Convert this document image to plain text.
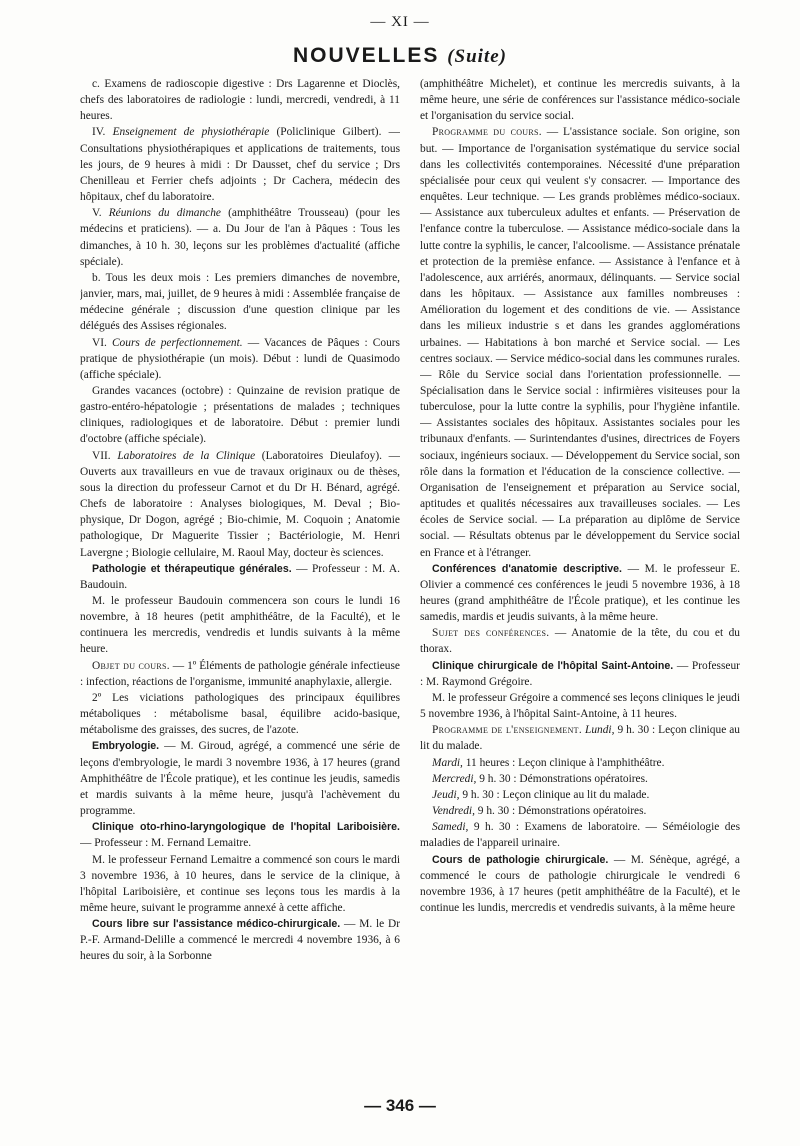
— XI —
NOUVELLES (Suite)

c. Examens de radioscopie digestive : Drs Lagarenne et Dioclès, chefs des laboratoires de radiologie : lundi, mercredi, vendredi, à 11 heures.

IV. Enseignement de physiothérapie (Policlinique Gilbert). — Consultations physiothérapiques et applications de traitements, tous les jours, de 9 heures à midi : Dr Dausset, chef du service ; Drs Chenilleau et Ferrier chefs adjoints ; Dr Cachera, médecin des hôpitaux, chef du laboratoire.

V. Réunions du dimanche (amphithéâtre Trousseau) (pour les médecins et praticiens). — a. Du Jour de l'an à Pâques : Tous les dimanches, à 10 h. 30, leçons sur les problèmes d'actualité (affiche spéciale).

b. Tous les deux mois : Les premiers dimanches de novembre, janvier, mars, mai, juillet, de 9 heures à midi : Assemblée française de médecine générale ; discussion d'une question clinique par les délégués des Assises régionales.

VI. Cours de perfectionnement. — Vacances de Pâques : Cours pratique de physiothérapie (un mois). Début : lundi de Quasimodo (affiche spéciale).

Grandes vacances (octobre) : Quinzaine de revision pratique de gastro-entéro-hépatologie ; présentations de malades ; techniques cliniques, radiologiques et de laboratoire. Début : premier lundi d'octobre (affiche spéciale).

VII. Laboratoires de la Clinique (Laboratoires Dieulafoy). — Ouverts aux travailleurs en vue de travaux originaux ou de thèses, sous la direction du professeur Carnot et du Dr H. Bénard, agrégé. Chefs de laboratoire : Analyses biologiques, M. Deval ; Bio-physique, Dr Dogon, agrégé ; Bio-chimie, M. Coquoin ; Anatomie pathologique, Dr Maguerite Tissier ; Bactériologie, M. Henri Lavergne ; Biologie cellulaire, M. Raoul May, docteur ès sciences.

Pathologie et thérapeutique générales. — Professeur : M. A. Baudouin.

M. le professeur Baudouin commencera son cours le lundi 16 novembre, à 18 heures (petit amphithéâtre, de la Faculté), et le continuera les mercredis, vendredis et lundis suivants à la même heure.

Objet du cours. — 1º Éléments de pathologie générale infectieuse : infection, réactions de l'organisme, immunité anaphylaxie, allergie.

2º Les viciations pathologiques des principaux équilibres métaboliques : métabolisme basal, équilibre acido-basique, métabolisme des graisses, des sucres, de l'azote.

Embryologie. — M. Giroud, agrégé, a commencé une série de leçons d'embryologie, le mardi 3 novembre 1936, à 17 heures (grand Amphithéâtre de l'École pratique), et les continue les jeudis, samedis et mardis suivants à la même heure, jusqu'à l'achèvement du programme.

Clinique oto-rhino-laryngologique de l'hopital Lariboisière. — Professeur : M. Fernand Lemaitre.

M. le professeur Fernand Lemaitre a commencé son cours le mardi 3 novembre 1936, à 10 heures, dans le service de la clinique, à l'hôpital Lariboisière, et continue ses leçons tous les mardis à la même heure, suivant le programme annexé à cette affiche.

Cours libre sur l'assistance médico-chirurgicale. — M. le Dr P.-F. Armand-Delille a commencé le mercredi 4 novembre 1936, à 6 heures du soir, à la Sorbonne

(amphithéâtre Michelet), et continue les mercredis suivants, à la même heure, une série de conférences sur l'assistance médico-sociale et l'organisation du service social.

Programme du cours. — L'assistance sociale. Son origine, son but. — Importance de l'organisation systématique du service social dans les collectivités contemporaines. Nécessité d'une préparation spécialisée pour ceux qui veulent s'y consacrer. — Importance des enquêtes. Leur technique. — Les grands problèmes médico-sociaux. — Assistance aux tuberculeux adultes et enfants. — Préservation de l'enfance contre la tuberculose. — Assistance médico-sociale dans la lutte contre la syphilis, le cancer, l'alcoolisme. — Assistance prénatale et protection de la premièse enfance. — Assistance à l'enfance et à l'adolescence, aux arriérés, anormaux, délinquants. — Service social dans les hôpitaux. — Assistance aux familles nombreuses : Amélioration du logement et des conditions de vie. — Assistance dans les milieux industrie s et dans les grandes agglomérations urbaines. — Habitations à bon marché et Service social. — Les centres sociaux. — Service médico-social dans les communes rurales. — Rôle du Service social dans l'orientation professionnelle. — Spécialisation dans le Service social : infirmières visiteuses pour la tuberculose, pour la lutte contre la syphilis, pour l'hygiène infantile. — Assistantes sociales des hôpitaux. Assistantes sociales pour les tribunaux d'enfants. — Surintendantes d'usines, directrices de Foyers sociaux, ingénieurs sociaux. — Développement du Service social, son rôle dans la formation et l'éducation de la conscience collective. — Organisation de l'enseignement et préparation au Service social, aptitudes et qualités nécessaires aux travailleuses sociales. — Les écoles de Service social. — La préparation au diplôme de Service social. — Résultats obtenus par le développement du Service social en France et à l'étranger.

Conférences d'anatomie descriptive. — M. le professeur E. Olivier a commencé ces conférences le jeudi 5 novembre 1936, à 18 heures (grand amphithéâtre de l'École pratique), et les continue les samedis, mardis et jeudis suivants, à la même heure.

Sujet des conférences. — Anatomie de la tête, du cou et du thorax.

Clinique chirurgicale de l'hôpital Saint-Antoine. — Professeur : M. Raymond Grégoire.

M. le professeur Grégoire a commencé ses leçons cliniques le jeudi 5 novembre 1936, à l'hôpital Saint-Antoine, à 11 heures.

Programme de l'enseignement. Lundi, 9 h. 30 : Leçon clinique au lit du malade.

Mardi, 11 heures : Leçon clinique à l'amphithéâtre.

Mercredi, 9 h. 30 : Démonstrations opératoires.

Jeudi, 9 h. 30 : Leçon clinique au lit du malade.

Vendredi, 9 h. 30 : Démonstrations opératoires.

Samedi, 9 h. 30 : Examens de laboratoire. — Séméiologie des maladies de l'appareil urinaire.

Cours de pathologie chirurgicale. — M. Sénèque, agrégé, a commencé le cours de pathologie chirurgicale le vendredi 6 novembre 1936, à 17 heures (petit amphithéâtre de la Faculté), et le continue les lundis, mercredis et vendredis suivants, à la même heure

— 346 —
